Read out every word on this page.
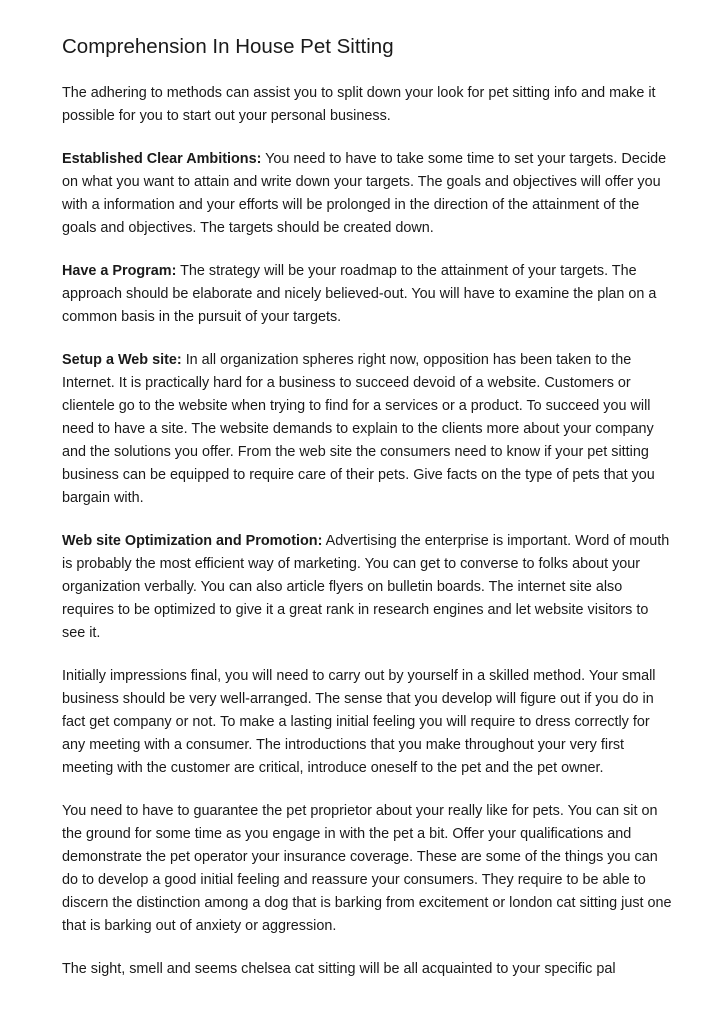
Comprehension In House Pet Sitting

The adhering to methods can assist you to split down your look for pet sitting info and make it possible for you to start out your personal business.

Established Clear Ambitions: You need to have to take some time to set your targets. Decide on what you want to attain and write down your targets. The goals and objectives will offer you with a information and your efforts will be prolonged in the direction of the attainment of the goals and objectives. The targets should be created down.

Have a Program: The strategy will be your roadmap to the attainment of your targets. The approach should be elaborate and nicely believed-out. You will have to examine the plan on a common basis in the pursuit of your targets.

Setup a Web site: In all organization spheres right now, opposition has been taken to the Internet. It is practically hard for a business to succeed devoid of a website. Customers or clientele go to the website when trying to find for a services or a product. To succeed you will need to have a site. The website demands to explain to the clients more about your company and the solutions you offer. From the web site the consumers need to know if your pet sitting business can be equipped to require care of their pets. Give facts on the type of pets that you bargain with.

Web site Optimization and Promotion: Advertising the enterprise is important. Word of mouth is probably the most efficient way of marketing. You can get to converse to folks about your organization verbally. You can also article flyers on bulletin boards. The internet site also requires to be optimized to give it a great rank in research engines and let website visitors to see it.

Initially impressions final, you will need to carry out by yourself in a skilled method. Your small business should be very well-arranged. The sense that you develop will figure out if you do in fact get company or not. To make a lasting initial feeling you will require to dress correctly for any meeting with a consumer. The introductions that you make throughout your very first meeting with the customer are critical, introduce oneself to the pet and the pet owner.

You need to have to guarantee the pet proprietor about your really like for pets. You can sit on the ground for some time as you engage in with the pet a bit. Offer your qualifications and demonstrate the pet operator your insurance coverage. These are some of the things you can do to develop a good initial feeling and reassure your consumers. They require to be able to discern the distinction among a dog that is barking from excitement or london cat sitting just one that is barking out of anxiety or aggression.

The sight, smell and seems chelsea cat sitting will be all acquainted to your specific pal
